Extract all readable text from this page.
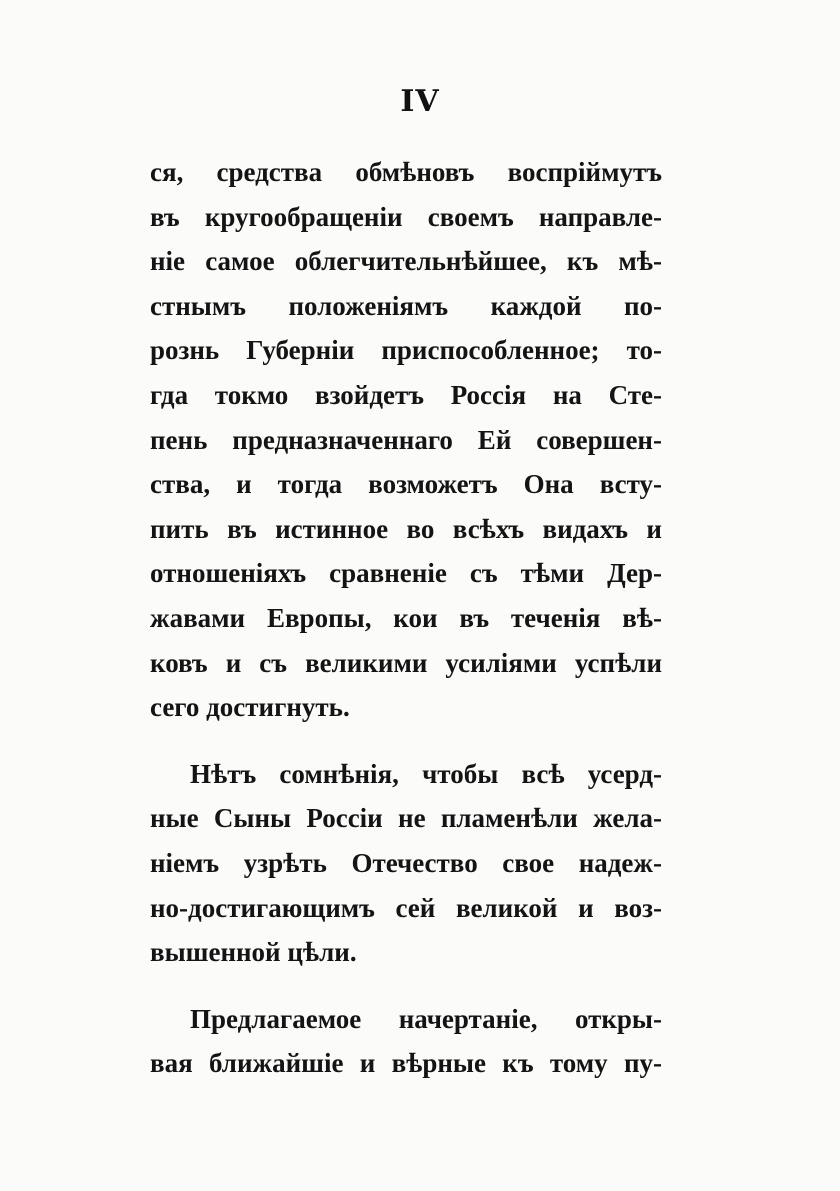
IV
ся, средства обмѣновъ воспріймутъ
въ кругообращеніи своемъ направле-
ніе самое облегчительнѣйшее, къ мѣ-
стнымъ положеніямъ каждой по-
рознь Губерніи приспособленное; то-
гда токмо взойдетъ Россія на Сте-
пень предназначеннаго Ей совершен-
ства, и тогда возможетъ Она всту-
пить въ истинное во всѣхъ видахъ и
отношеніяхъ сравненіе съ тѣми Дер-
жавами Европы, кои въ теченія вѣ-
ковъ и съ великими усиліями успѣли
сего достигнуть.
Нѣтъ сомнѣнія, чтобы всѣ усерд-
ные Сыны Россіи не пламенѣли жела-
ніемъ узрѣть Отечество свое надеж-
но-достигающимъ сей великой и воз-
вышенной цѣли.
Предлагаемое начертаніе, откры-
вая ближайшіе и вѣрные къ тому пу-
